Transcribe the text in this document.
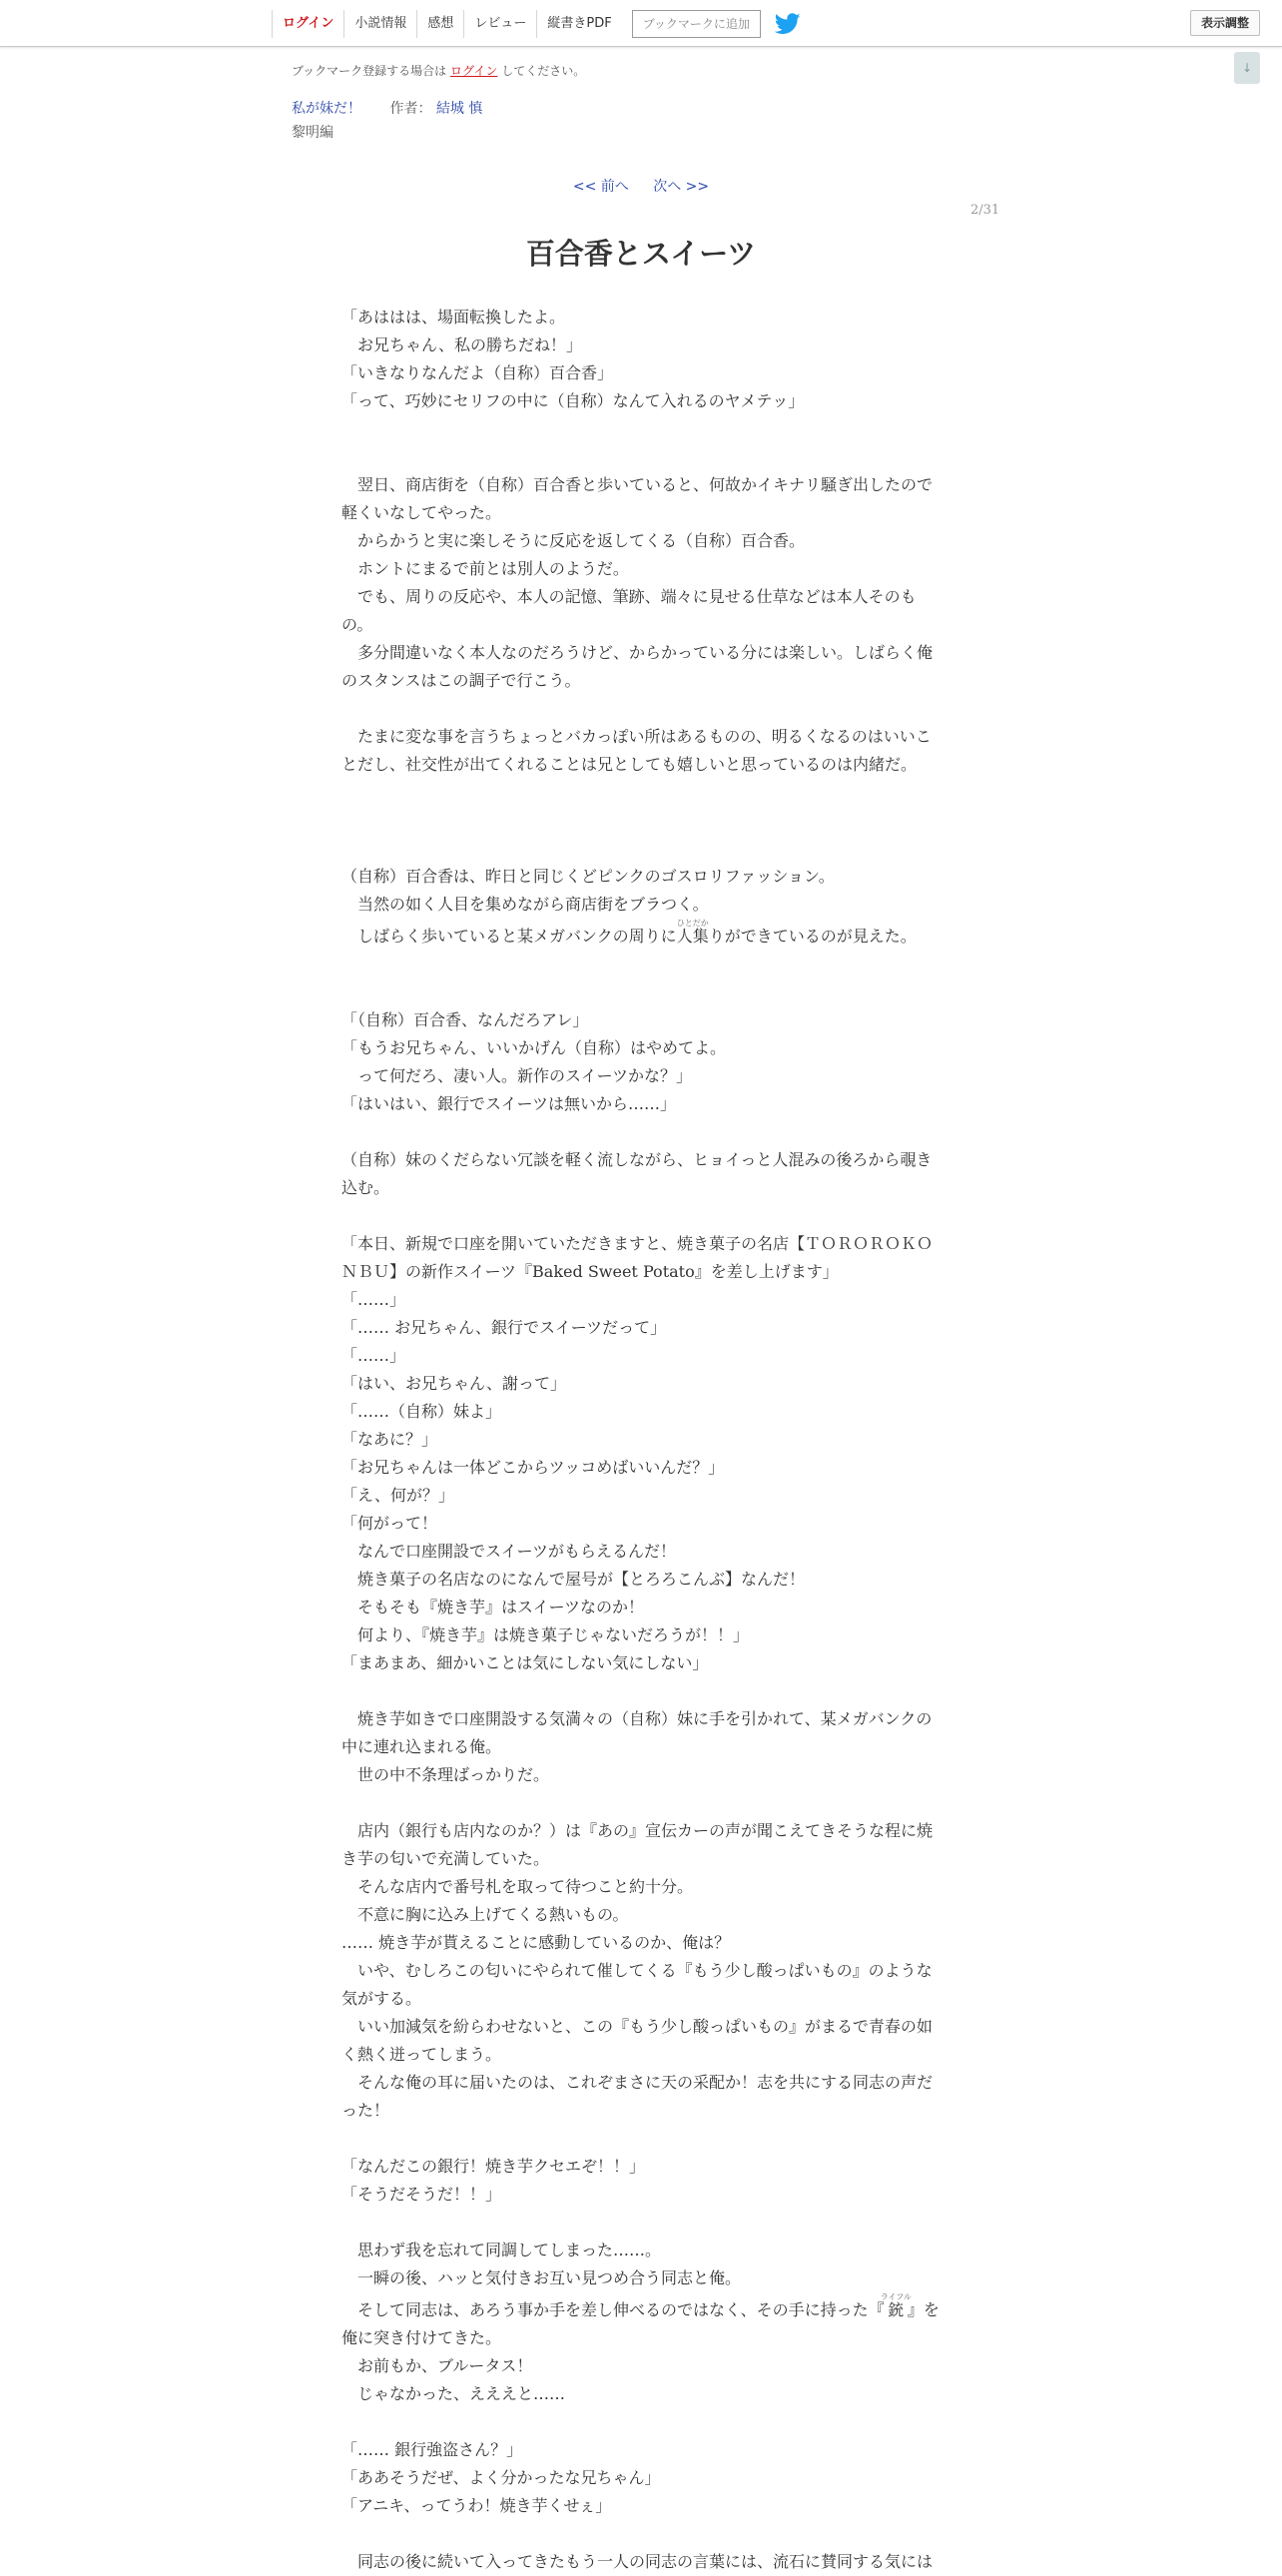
ログイン	小説情報	感想	レビュー	縦書きPDF	ブックマークに追加	表示調整
↓
ブックマーク登録する場合は ログイン してください。
私が妹だ！ 作者： 結城 慎
黎明編
<< 前へ 次へ >>
2/31
百合香とスイーツ
「あははは、場面転換したよ。
　お兄ちゃん、私の勝ちだね！」
「いきなりなんだよ（自称）百合香」
「って、巧妙にセリフの中に（自称）なんて入れるのヤメテッ」
　翌日、商店街を（自称）百合香と歩いていると、何故かイキナリ騒ぎ出したので軽くいなしてやった。
　からかうと実に楽しそうに反応を返してくる（自称）百合香。
　ホントにまるで前とは別人のようだ。
　でも、周りの反応や、本人の記憶、筆跡、端々に見せる仕草などは本人そのもの。
　多分間違いなく本人なのだろうけど、からかっている分には楽しい。しばらく俺のスタンスはこの調子で行こう。
　たまに変な事を言うちょっとバカっぽい所はあるものの、明るくなるのはいいことだし、社交性が出てくれることは兄としても嬉しいと思っているのは内緒だ。
（自称）百合香は、昨日と同じくどピンクのゴスロリファッション。
　当然の如く人目を集めながら商店街をブラつく。
　しばらく歩いていると某メガバンクの周りに人集ひとだかりができているのが見えた。
「（自称）百合香、なんだろアレ」
「もうお兄ちゃん、いいかげん（自称）はやめてよ。
　って何だろ、凄い人。新作のスイーツかな？」
「はいはい、銀行でスイーツは無いから……」
（自称）妹のくだらない冗談を軽く流しながら、ヒョイっと人混みの後ろから覗き込む。
「本日、新規で口座を開いていただきますと、焼き菓子の名店【ＴＯＲＯＲＯＫＯＮＢＵ】の新作スイーツ『Baked Sweet Potato』を差し上げます」
「……」
「…… お兄ちゃん、銀行でスイーツだって」
「……」
「はい、お兄ちゃん、謝って」
「……（自称）妹よ」
「なあに？」
「お兄ちゃんは一体どこからツッコめばいいんだ？」
「え、何が？」
「何がって！
　なんで口座開設でスイーツがもらえるんだ！
　焼き菓子の名店なのになんで屋号が【とろろこんぶ】なんだ！
　そもそも『焼き芋』はスイーツなのか！
　何より、『焼き芋』は焼き菓子じゃないだろうが！！」
「まあまあ、細かいことは気にしない気にしない」
　焼き芋如きで口座開設する気満々の（自称）妹に手を引かれて、某メガバンクの中に連れ込まれる俺。
　世の中不条理ばっかりだ。
　店内（銀行も店内なのか？）は『あの』宣伝カーの声が聞こえてきそうな程に焼き芋の匂いで充満していた。
　そんな店内で番号札を取って待つこと約十分。
　不意に胸に込み上げてくる熱いもの。
…… 焼き芋が貰えることに感動しているのか、俺は？
　いや、むしろこの匂いにやられて催してくる『もう少し酸っぱいもの』のような気がする。
　いい加減気を紛らわせないと、この『もう少し酸っぱいもの』がまるで青春の如く熱く迸ってしまう。
　そんな俺の耳に届いたのは、これぞまさに天の采配か！志を共にする同志の声だった！
「なんだこの銀行！焼き芋クセエぞ！！」
「そうだそうだ！！」
　思わず我を忘れて同調してしまった……。
　一瞬の後、ハッと気付きお互い見つめ合う同志と俺。
　そして同志は、あろう事か手を差し伸べるのではなく、その手に持った『銃ライフル』を俺に突き付けてきた。
　お前もか、ブルータス！
　じゃなかった、えええと……
「…… 銀行強盗さん？」
「ああそうだぜ、よく分かったな兄ちゃん」
「アニキ、ってうわ！焼き芋くせぇ」
　同志の後に続いて入ってきたもう一人の同志の言葉には、流石に賛同する気には
